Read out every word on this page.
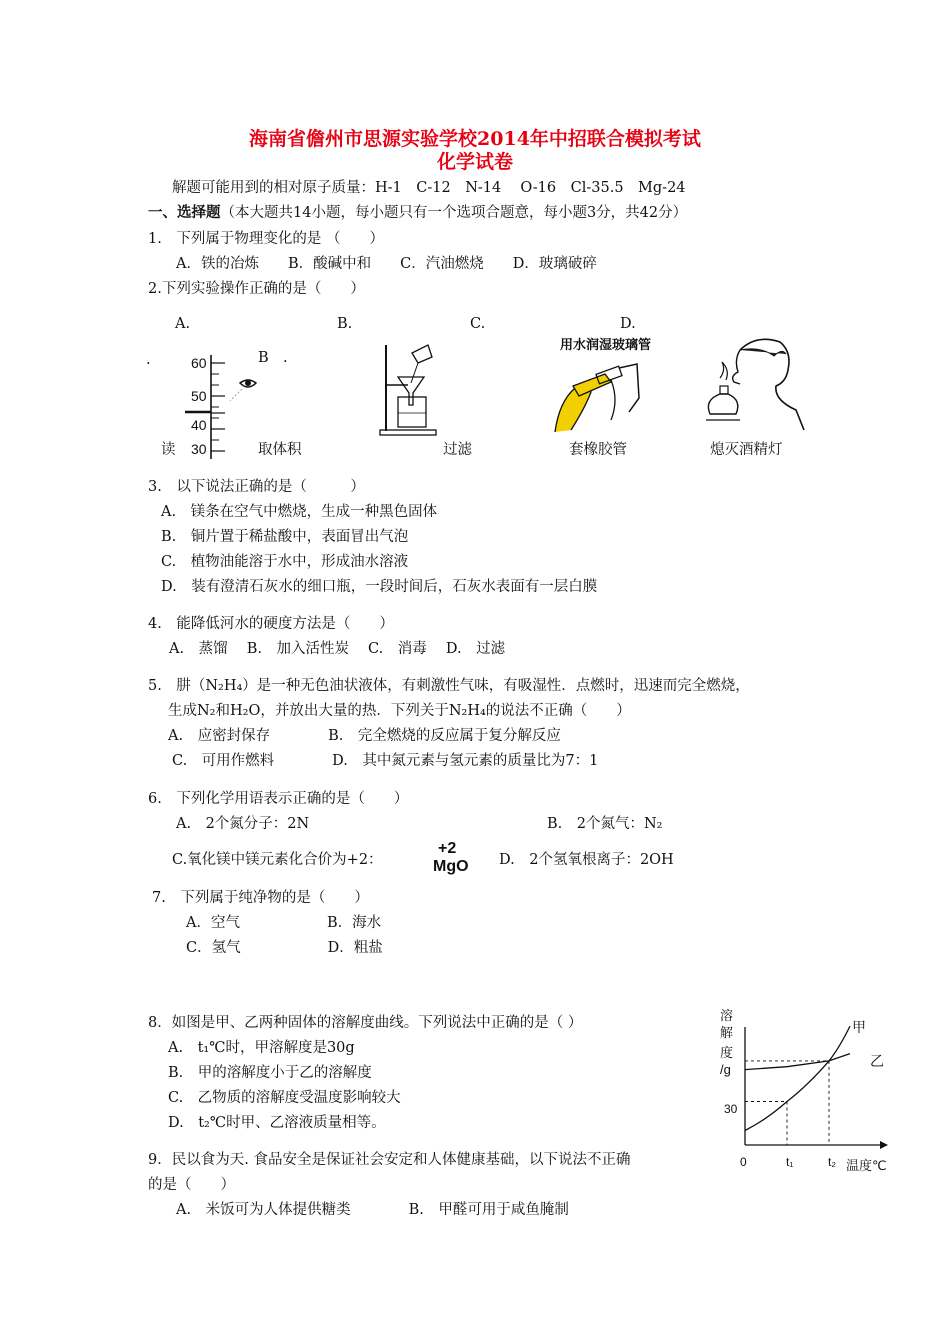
海南省儋州市思源实验学校2014年中招联合模拟考试
化学试卷
解题可能用到的相对原子质量：H-1　C-12　N-14　 O-16　Cl-35.5　Mg-24
一、选择题（本大题共14小题，每小题只有一个选项合题意，每小题3分，共42分）
1.　下列属于物理变化的是 （　　）
A．铁的冶炼　　B．酸碱中和　　C．汽油燃烧　　D．玻璃破碎
2.下列实验操作正确的是（　　）
A.	B.	C.	D.
.	B .
60
50
40
30
用水润湿玻璃管
读	取体积	过滤	套橡胶管	熄灭酒精灯
3.　以下说法正确的是（　　　）
A.　镁条在空气中燃烧，生成一种黑色固体
B.　铜片置于稀盐酸中，表面冒出气泡
C.　植物油能溶于水中，形成油水溶液
D.　装有澄清石灰水的细口瓶，一段时间后，石灰水表面有一层白膜
4.　能降低河水的硬度方法是（　　）
A.　蒸馏　 B.　加入活性炭　 C.　消毒　 D.　过滤
5.　肼（N₂H₄）是一种无色油状液体，有刺激性气味，有吸湿性．点燃时，迅速而完全燃烧，
生成N₂和H₂O，并放出大量的热．下列关于N₂H₄的说法不正确（　　）
A.　应密封保存　　　　B.　完全燃烧的反应属于复分解反应
C.　可用作燃料　　　　D.　其中氮元素与氢元素的质量比为7：1
6.　下列化学用语表示正确的是（　　）
A.　2个氮分子：2N	B.　2个氮气：N₂
C.氧化镁中镁元素化合价为+2：
+2
MgO D.　2个氢氧根离子：2OH
7.　下列属于纯净物的是（　　）
A．空气　　　　　　B．海水
C．氢气　　　　　　D．粗盐
8．如图是甲、乙两种固体的溶解度曲线。下列说法中正确的是（ ）
A.　t₁℃时，甲溶解度是30g
B.　甲的溶解度小于乙的溶解度
C.　乙物质的溶解度受温度影响较大
D.　t₂℃时甲、乙溶液质量相等。
9．民以食为天. 食品安全是保证社会安定和人体健康基础，以下说法不正确
的是（　　）
A.　米饭可为人体提供糖类　　　　B.　甲醛可用于咸鱼腌制
溶
解
度
/g
30
0	t₁	t₂ 温度℃
甲
乙
